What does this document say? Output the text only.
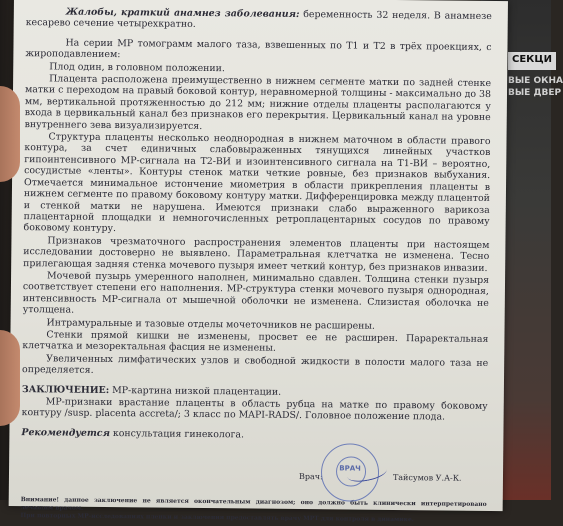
СЕКЦИ
ВЫЕ ОКНА
ВЫЕ ДВЕР

Жалобы, краткий анамнез заболевания: беременность 32 неделя. В анамнезе кесарево сечение четырехкратно.

На серии МР томограмм малого таза, взвешенных по Т1 и Т2 в трёх проекциях, с жироподавлением:

Плод один, в головном положении.

Плацента расположена преимущественно в нижнем сегменте матки по задней стенке матки с переходом на правый боковой контур, неравномерной толщины - максимально до 38 мм, вертикальной протяженностью до 212 мм; нижние отделы плаценты располагаются у входа в цервикальный канал без признаков его перекрытия. Цервикальный канал на уровне внутреннего зева визуализируется.

Структура плаценты несколько неоднородная в нижнем маточном в области правого контура, за счет единичных слабовыраженных тянущихся линейных участков гипоинтенсивного МР-сигнала на Т2-ВИ и изоинтенсивного сигнала на Т1-ВИ – вероятно, сосудистые «ленты». Контуры стенок матки четкие ровные, без признаков выбухания. Отмечается минимальное истончение миометрия в области прикрепления плаценты в нижнем сегменте по правому боковому контуру матки. Дифференцировка между плацентой и стенкой матки не нарушена. Имеются признаки слабо выраженного варикоза плацентарной площадки и немногочисленных ретроплацентарных сосудов по правому боковому контуру.

Признаков чрезматочного распространения элементов плаценты при настоящем исследовании достоверно не выявлено. Параметральная клетчатка не изменена. Тесно прилегающая задняя стенка мочевого пузыря имеет четкий контур, без признаков инвазии.

Мочевой пузырь умеренного наполнен, минимально сдавлен. Толщина стенки пузыря соответствует степени его наполнения. МР-структура стенки мочевого пузыря однородная, интенсивность МР-сигнала от мышечной оболочки не изменена. Слизистая оболочка не утолщена.

Интрамуральные и тазовые отделы мочеточников не расширены.

Стенки прямой кишки не изменены, просвет ее не расширен. Параректальная клетчатка и мезоректальная фасция не изменены.

Увеличенных лимфатических узлов и свободной жидкости в полости малого таза не определяется.

ЗАКЛЮЧЕНИЕ: МР-картина низкой плацентации.

МР-признаки врастание плаценты в область рубца на матке по правому боковому контуру /susp. placenta accreta/; 3 класс по MAPI-RADS/. Головное положение плода.

Рекомендуется консультация гинеколога.

Врач:
ВРАЧ
Тайсумов У.А-К.

Внимание! данное заключение не является окончательным диагнозом; оно должно быть клинически интерпретировано лечащим врачом.

При повторных МР-исследованиях пленки и заключения предоставлять врачу МРТ для контроля в динамике.
